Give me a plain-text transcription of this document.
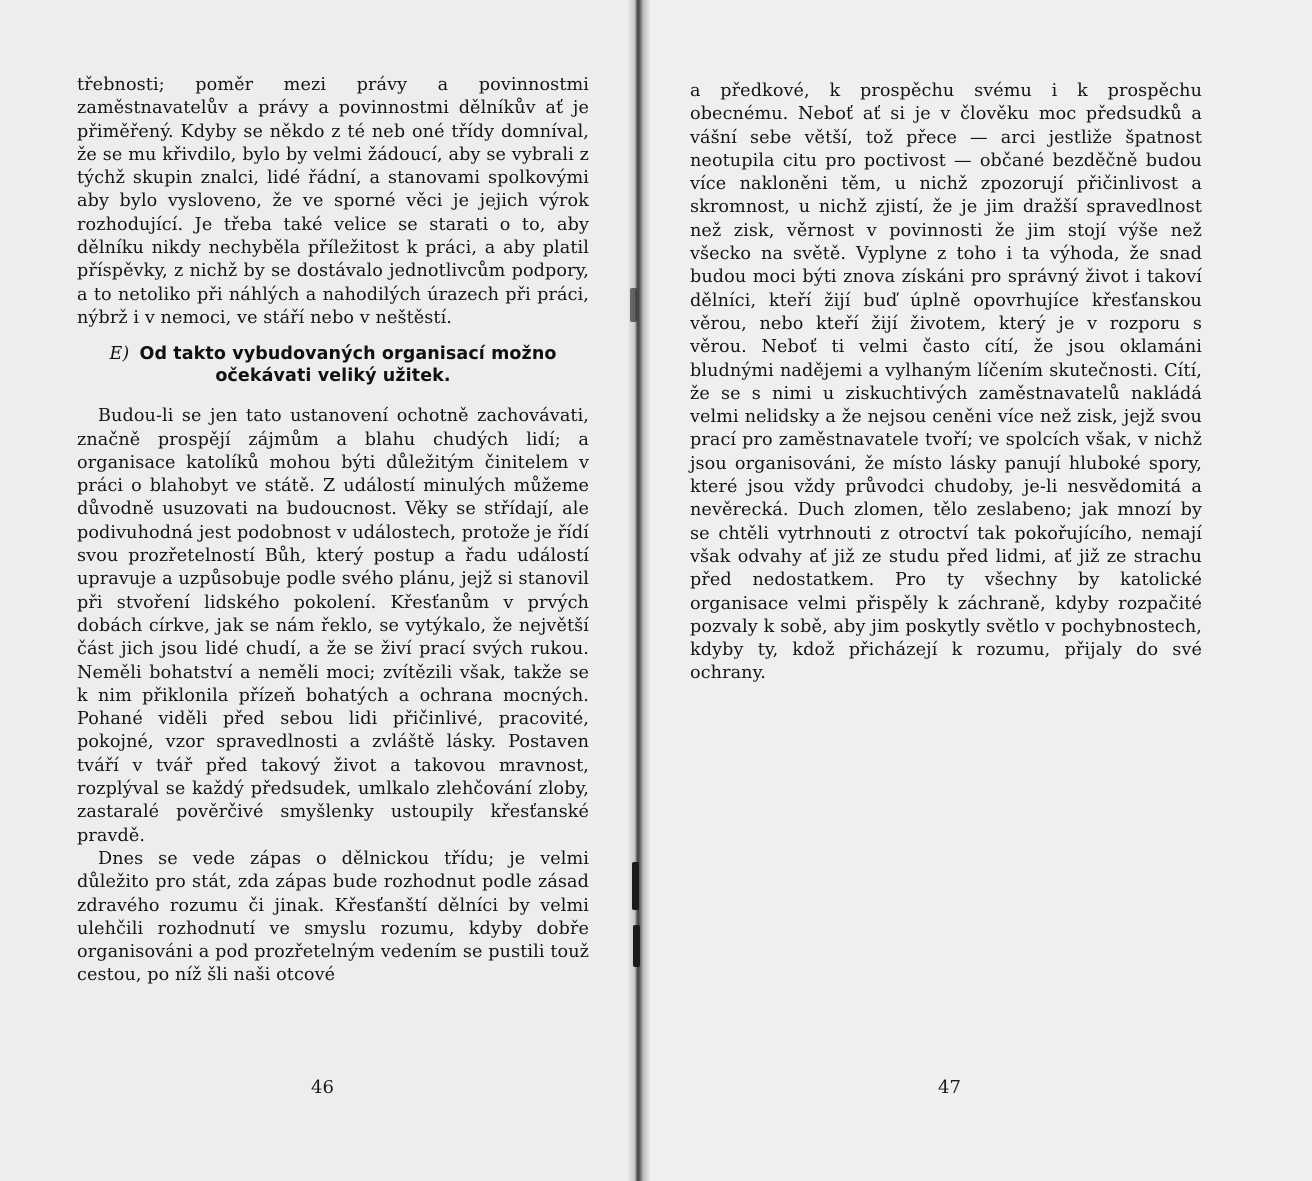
třebnosti; poměr mezi právy a povinnostmi zaměstnavatelův a právy a povinnostmi dělníkův ať je přiměřený. Kdyby se někdo z té neb oné třídy domníval, že se mu křivdilo, bylo by velmi žádoucí, aby se vybrali z týchž skupin znalci, lidé řádní, a stanovami spolkovými aby bylo vysloveno, že ve sporné věci je jejich výrok rozhodující. Je třeba také velice se starati o to, aby dělníku nikdy nechyběla příležitost k práci, a aby platil příspěvky, z nichž by se dostávalo jednotlivcům podpory, a to netoliko při náhlých a nahodilých úrazech při práci, nýbrž i v nemoci, ve stáří nebo v neštěstí.

E) Od takto vybudovaných organisací možno očekávati veliký užitek.

Budou-li se jen tato ustanovení ochotně zachovávati, značně prospějí zájmům a blahu chudých lidí; a organisace katolíků mohou býti důležitým činitelem v práci o blahobyt ve státě. Z událostí minulých můžeme důvodně usuzovati na budoucnost. Věky se střídají, ale podivuhodná jest podobnost v událostech, protože je řídí svou prozřetelností Bůh, který postup a řadu událostí upravuje a uzpůsobuje podle svého plánu, jejž si stanovil při stvoření lidského pokolení. Křesťanům v prvých dobách církve, jak se nám řeklo, se vytýkalo, že největší část jich jsou lidé chudí, a že se živí prací svých rukou. Neměli bohatství a neměli moci; zvítězili však, takže se k nim přiklonila přízeň bohatých a ochrana mocných. Pohané viděli před sebou lidi přičinlivé, pracovité, pokojné, vzor spravedlnosti a zvláště lásky. Postaven tváří v tvář před takový život a takovou mravnost, rozplýval se každý předsudek, umlkalo zlehčování zloby, zastaralé pověrčivé smyšlenky ustoupily křesťanské pravdě.

Dnes se vede zápas o dělnickou třídu; je velmi důležito pro stát, zda zápas bude rozhodnut podle zásad zdravého rozumu či jinak. Křesťanští dělníci by velmi ulehčili rozhodnutí ve smyslu rozumu, kdyby dobře organisováni a pod prozřetelným vedením se pustili touž cestou, po níž šli naši otcové

46

a předkové, k prospěchu svému i k prospěchu obecnému. Neboť ať si je v člověku moc předsudků a vášní sebe větší, tož přece — arci jestliže špatnost neotupila citu pro poctivost — občané bezděčně budou více nakloněni těm, u nichž zpozorují přičinlivost a skromnost, u nichž zjistí, že je jim dražší spravedlnost než zisk, věrnost v povinnosti že jim stojí výše než všecko na světě. Vyplyne z toho i ta výhoda, že snad budou moci býti znova získáni pro správný život i takoví dělníci, kteří žijí buď úplně opovrhujíce křesťanskou věrou, nebo kteří žijí životem, který je v rozporu s věrou. Neboť ti velmi často cítí, že jsou oklamáni bludnými nadějemi a vylhaným líčením skutečnosti. Cítí, že se s nimi u ziskuchtivých zaměstnavatelů nakládá velmi nelidsky a že nejsou ceněni více než zisk, jejž svou prací pro zaměstnavatele tvoří; ve spolcích však, v nichž jsou organisováni, že místo lásky panují hluboké spory, které jsou vždy průvodci chudoby, je-li nesvědomitá a nevěrecká. Duch zlomen, tělo zeslabeno; jak mnozí by se chtěli vytrhnouti z otroctví tak pokořujícího, nemají však odvahy ať již ze studu před lidmi, ať již ze strachu před nedostatkem. Pro ty všechny by katolické organisace velmi přispěly k záchraně, kdyby rozpačité pozvaly k sobě, aby jim poskytly světlo v pochybnostech, kdyby ty, kdož přicházejí k rozumu, přijaly do své ochrany.

47
